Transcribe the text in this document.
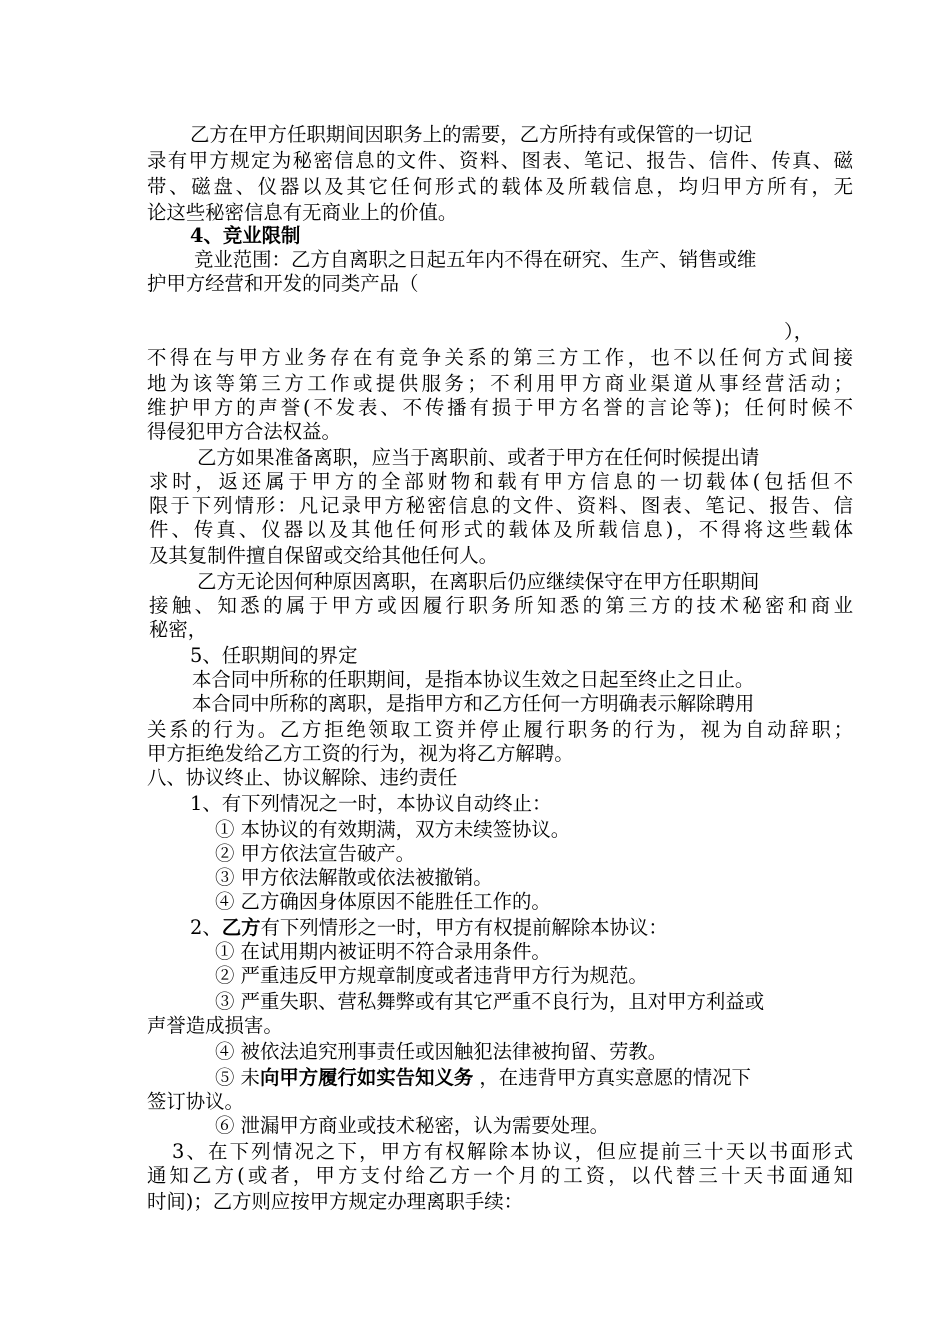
乙方在甲方任职期间因职务上的需要，乙方所持有或保管的一切记
录有甲方规定为秘密信息的文件、资料、图表、笔记、报告、信件、传真、磁
带、磁盘、仪器以及其它任何形式的载体及所载信息，均归甲方所有，无
论这些秘密信息有无商业上的价值。
4、竞业限制
竞业范围：乙方自离职之日起五年内不得在研究、生产、销售或维
护甲方经营和开发的同类产品（
），
不得在与甲方业务存在有竞争关系的第三方工作，也不以任何方式间接
地为该等第三方工作或提供服务；不利用甲方商业渠道从事经营活动；
维护甲方的声誉(不发表、不传播有损于甲方名誉的言论等)；任何时候不
得侵犯甲方合法权益。
乙方如果准备离职，应当于离职前、或者于甲方在任何时候提出请
求时，返还属于甲方的全部财物和载有甲方信息的一切载体(包括但不
限于下列情形：凡记录甲方秘密信息的文件、资料、图表、笔记、报告、信
件、传真、仪器以及其他任何形式的载体及所载信息)，不得将这些载体
及其复制件擅自保留或交给其他任何人。
乙方无论因何种原因离职，在离职后仍应继续保守在甲方任职期间
接触、知悉的属于甲方或因履行职务所知悉的第三方的技术秘密和商业
秘密，
5、任职期间的界定
本合同中所称的任职期间，是指本协议生效之日起至终止之日止。
本合同中所称的离职，是指甲方和乙方任何一方明确表示解除聘用
关系的行为。乙方拒绝领取工资并停止履行职务的行为，视为自动辞职；
甲方拒绝发给乙方工资的行为，视为将乙方解聘。
八、协议终止、协议解除、违约责任
1、有下列情况之一时，本协议自动终止：
① 本协议的有效期满，双方未续签协议。
② 甲方依法宣告破产。
③ 甲方依法解散或依法被撤销。
④ 乙方确因身体原因不能胜任工作的。
2、乙方有下列情形之一时，甲方有权提前解除本协议：
① 在试用期内被证明不符合录用条件。
② 严重违反甲方规章制度或者违背甲方行为规范。
③ 严重失职、营私舞弊或有其它严重不良行为，且对甲方利益或
声誉造成损害。
④ 被依法追究刑事责任或因触犯法律被拘留、劳教。
⑤ 未向甲方履行如实告知义务 ，在违背甲方真实意愿的情况下
签订协议。
⑥ 泄漏甲方商业或技术秘密，认为需要处理。
3、在下列情况之下，甲方有权解除本协议，但应提前三十天以书面形式
通知乙方(或者，甲方支付给乙方一个月的工资，以代替三十天书面通知
时间)；乙方则应按甲方规定办理离职手续：
